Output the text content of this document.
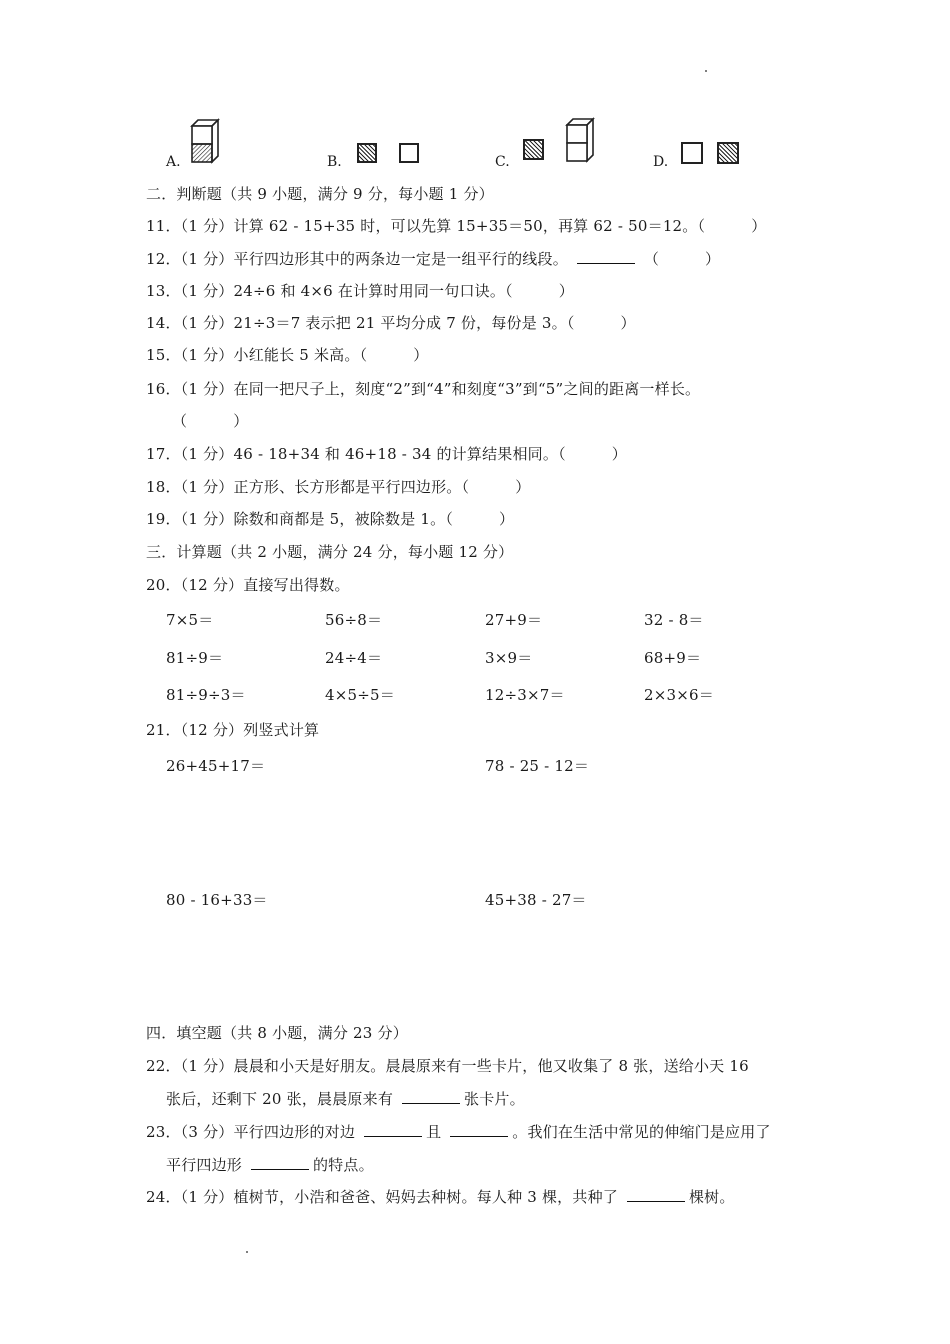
A.	B.	C.	D.
二．判断题（共 9 小题，满分 9 分，每小题 1 分）
11．（1 分）计算 62 - 15+35 时，可以先算 15+35＝50，再算 62 - 50＝12。（	）
12．（1 分）平行四边形其中的两条边一定是一组平行的线段。	（	）
13．（1 分）24÷6 和 4×6 在计算时用同一句口诀。（	）
14．（1 分）21÷3＝7 表示把 21 平均分成 7 份，每份是 3。（	）
15．（1 分）小红能长 5 米高。（	）
16．（1 分）在同一把尺子上，刻度“2”到“4”和刻度“3”到“5”之间的距离一样长。
（	）
17．（1 分）46 - 18+34 和 46+18 - 34 的计算结果相同。（	）
18．（1 分）正方形、长方形都是平行四边形。（	）
19．（1 分）除数和商都是 5，被除数是 1。（	）
三．计算题（共 2 小题，满分 24 分，每小题 12 分）
20．（12 分）直接写出得数。
7×5＝	56÷8＝	27+9＝	32 - 8＝
81÷9＝	24÷4＝	3×9＝	68+9＝
81÷9÷3＝	4×5÷5＝	12÷3×7＝	2×3×6＝
21．（12 分）列竖式计算
26+45+17＝	78 - 25 - 12＝
80 - 16+33＝	45+38 - 27＝
四．填空题（共 8 小题，满分 23 分）
22．（1 分）晨晨和小天是好朋友。晨晨原来有一些卡片，他又收集了 8 张，送给小天 16
张后，还剩下 20 张，晨晨原来有	张卡片。
23．（3 分）平行四边形的对边	且	。我们在生活中常见的伸缩门是应用了
平行四边形	的特点。
24．（1 分）植树节，小浩和爸爸、妈妈去种树。每人种 3 棵，共种了	棵树。
